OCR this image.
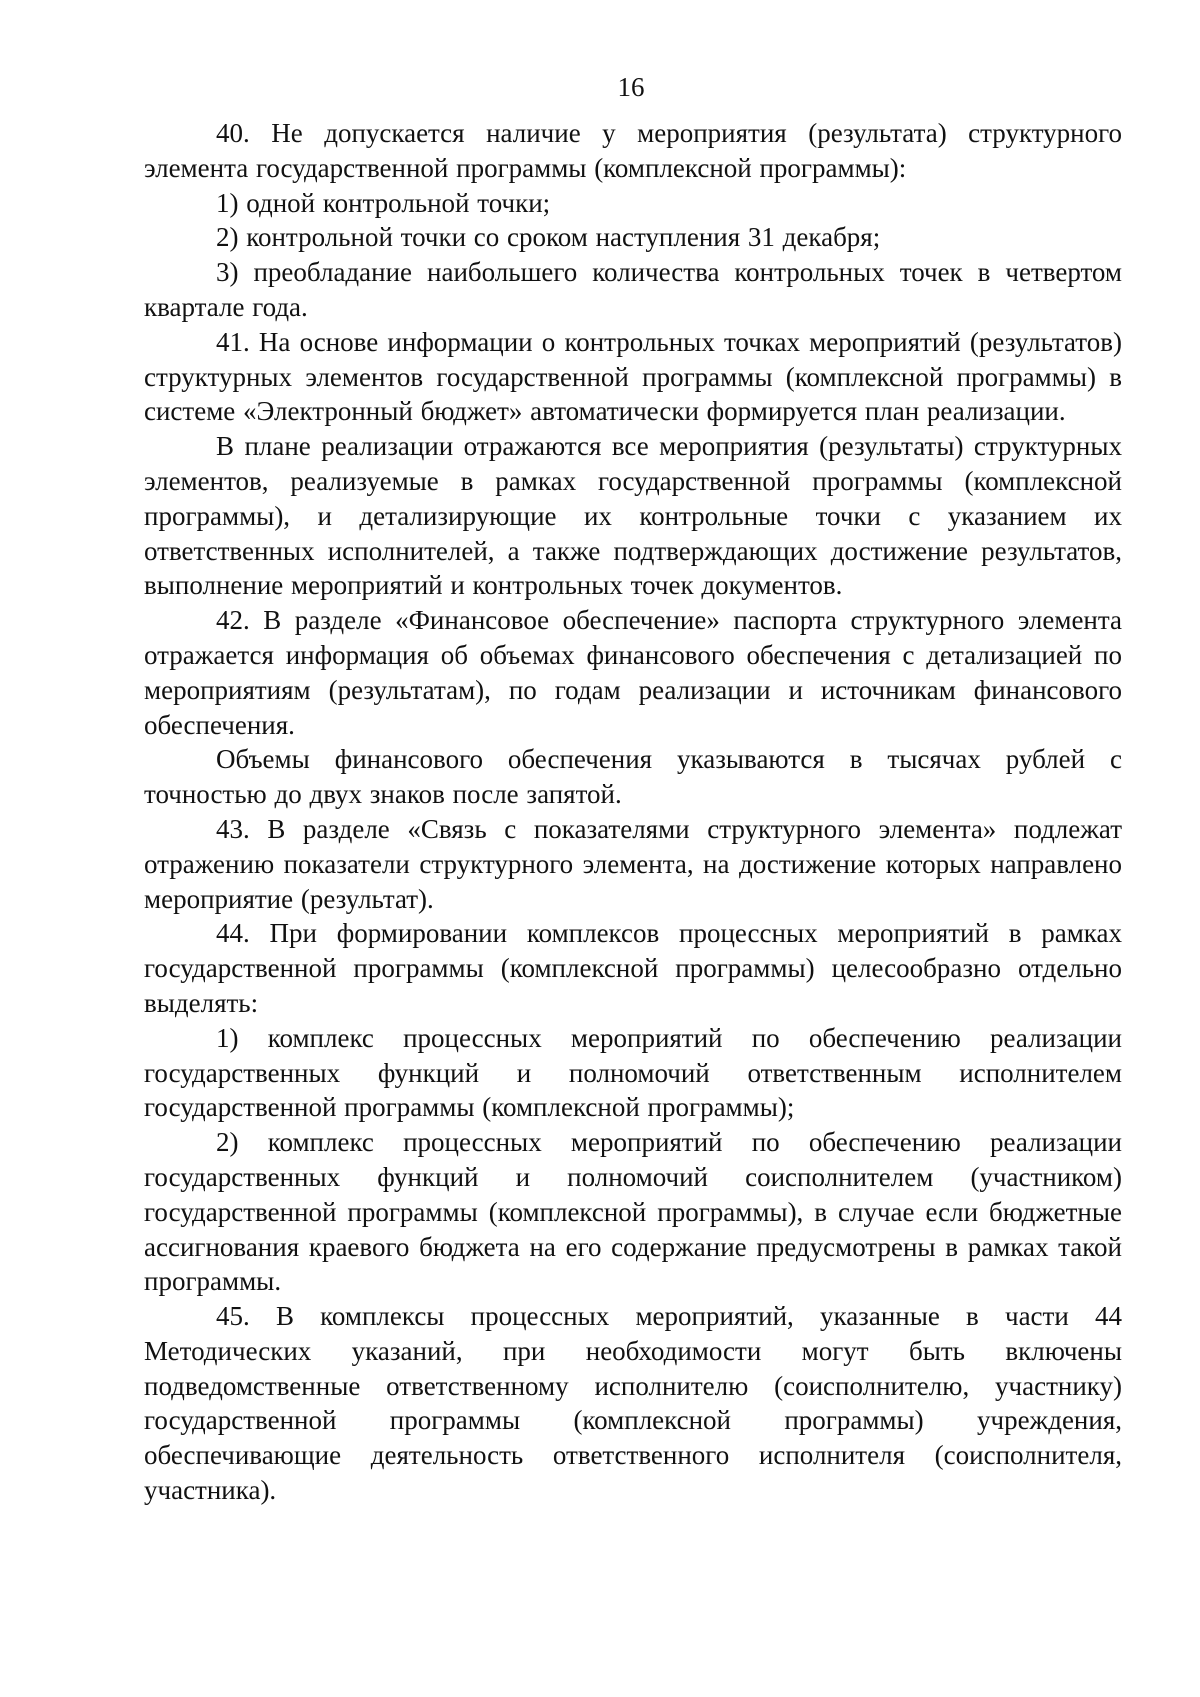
16

40. Не допускается наличие у мероприятия (результата) структурного элемента государственной программы (комплексной программы):

1) одной контрольной точки;

2) контрольной точки со сроком наступления 31 декабря;

3) преобладание наибольшего количества контрольных точек в четвертом квартале года.

41. На основе информации о контрольных точках мероприятий (результатов) структурных элементов государственной программы (комплексной программы) в системе «Электронный бюджет» автоматически формируется план реализации.

В плане реализации отражаются все мероприятия (результаты) структурных элементов, реализуемые в рамках государственной программы (комплексной программы), и детализирующие их контрольные точки с указанием их ответственных исполнителей, а также подтверждающих достижение результатов, выполнение мероприятий и контрольных точек документов.

42. В разделе «Финансовое обеспечение» паспорта структурного элемента отражается информация об объемах финансового обеспечения с детализацией по мероприятиям (результатам), по годам реализации и источникам финансового обеспечения.

Объемы финансового обеспечения указываются в тысячах рублей с точностью до двух знаков после запятой.

43. В разделе «Связь с показателями структурного элемента» подлежат отражению показатели структурного элемента, на достижение которых направлено мероприятие (результат).

44. При формировании комплексов процессных мероприятий в рамках государственной программы (комплексной программы) целесообразно отдельно выделять:

1) комплекс процессных мероприятий по обеспечению реализации государственных функций и полномочий ответственным исполнителем государственной программы (комплексной программы);

2) комплекс процессных мероприятий по обеспечению реализации государственных функций и полномочий соисполнителем (участником) государственной программы (комплексной программы), в случае если бюджетные ассигнования краевого бюджета на его содержание предусмотрены в рамках такой программы.

45. В комплексы процессных мероприятий, указанные в части 44 Методических указаний, при необходимости могут быть включены подведомственные ответственному исполнителю (соисполнителю, участнику) государственной программы (комплексной программы) учреждения, обеспечивающие деятельность ответственного исполнителя (соисполнителя, участника).
